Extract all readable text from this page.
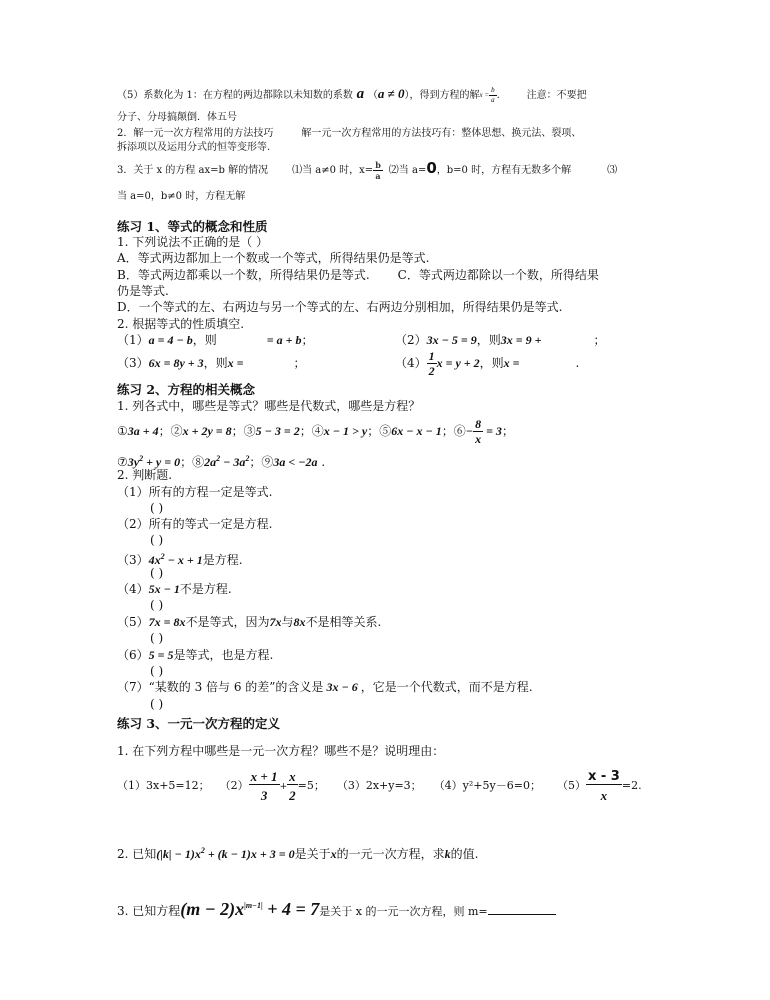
（5）系数化为 1：在方程的两边都除以未知数的系数 a （a ≠ 0），得到方程的解$x = \frac{b}{a}$ .	注意：不要把
分子、分母搞颠倒．体五号
2．解一元一次方程常用的方法技巧	解一元一次方程常用的方法技巧有：整体思想、换元法、裂项、
拆添项以及运用分式的恒等变形等.
3．关于 x 的方程 ax=b 解的情况 ⑴当 a≠0 时，$x= \frac{b}{a}$ ⑵当 a=0，b=0 时，方程有无数多个解	⑶
当 a=0，b≠0 时，方程无解
练习 1、等式的概念和性质
1. 下列说法不正确的是（ ）
A．等式两边都加上一个数或一个等式，所得结果仍是等式.
B．等式两边都乘以一个数，所得结果仍是等式. C．等式两边都除以一个数，所得结果
仍是等式.
D．一个等式的左、右两边与另一个等式的左、右两边分别相加，所得结果仍是等式.
2. 根据等式的性质填空.
（1）a = 4 − b，则	= a + b；	（2）3x − 5 = 9，则3x = 9 +	；
（3）6x = 8y + 3，则x =	；	$(4) \frac{1}{2}$ x = y + 2，则x =	.
练习 2、方程的相关概念
1. 列各式中，哪些是等式？哪些是代数式，哪些是方程？
①3a + 4；②x + 2y = 8；③5 − 3 = 2；④x − 1 > y；⑤6x − x − 1；⑥− $\frac{8}{x} = 3$；
$⑦3y^2 + y = 0$；$⑧2a^2 - 3a^2$；⑨3a < −2a .
2. 判断题.
（1）所有的方程一定是等式.
( )
（2）所有的等式一定是方程.
( )
$(3)4x^2 - x + 1$是方程.
( )
（4）5x − 1不是方程.
( )
（5）7x = 8x不是等式，因为7x与8x不是相等关系.
( )
（6）5 = 5是等式，也是方程.
( )
（7）“某数的 3 倍与 6 的差”的含义是 3x − 6 ，它是一个代数式，而不是方程.
( )
练习 3、一元一次方程的定义
1. 在下列方程中哪些是一元一次方程？哪些不是？说明理由：
（1）3x+5=12； $(2) \frac{x + 1}{3} + \frac{x}{2} =5$； （3）2x+y=3； （4）y²+5y－6=0； $(5) \frac{x - 3}{x} =2$.
2. 已知$(|k| - 1)x^2 + (k - 1)x + 3 = 0$是关于x的一元一次方程，求k的值.
3. 已知方程$(m - 2)x^{|m-1|} + 4 = 7$是关于 x 的一元一次方程，则 m=
